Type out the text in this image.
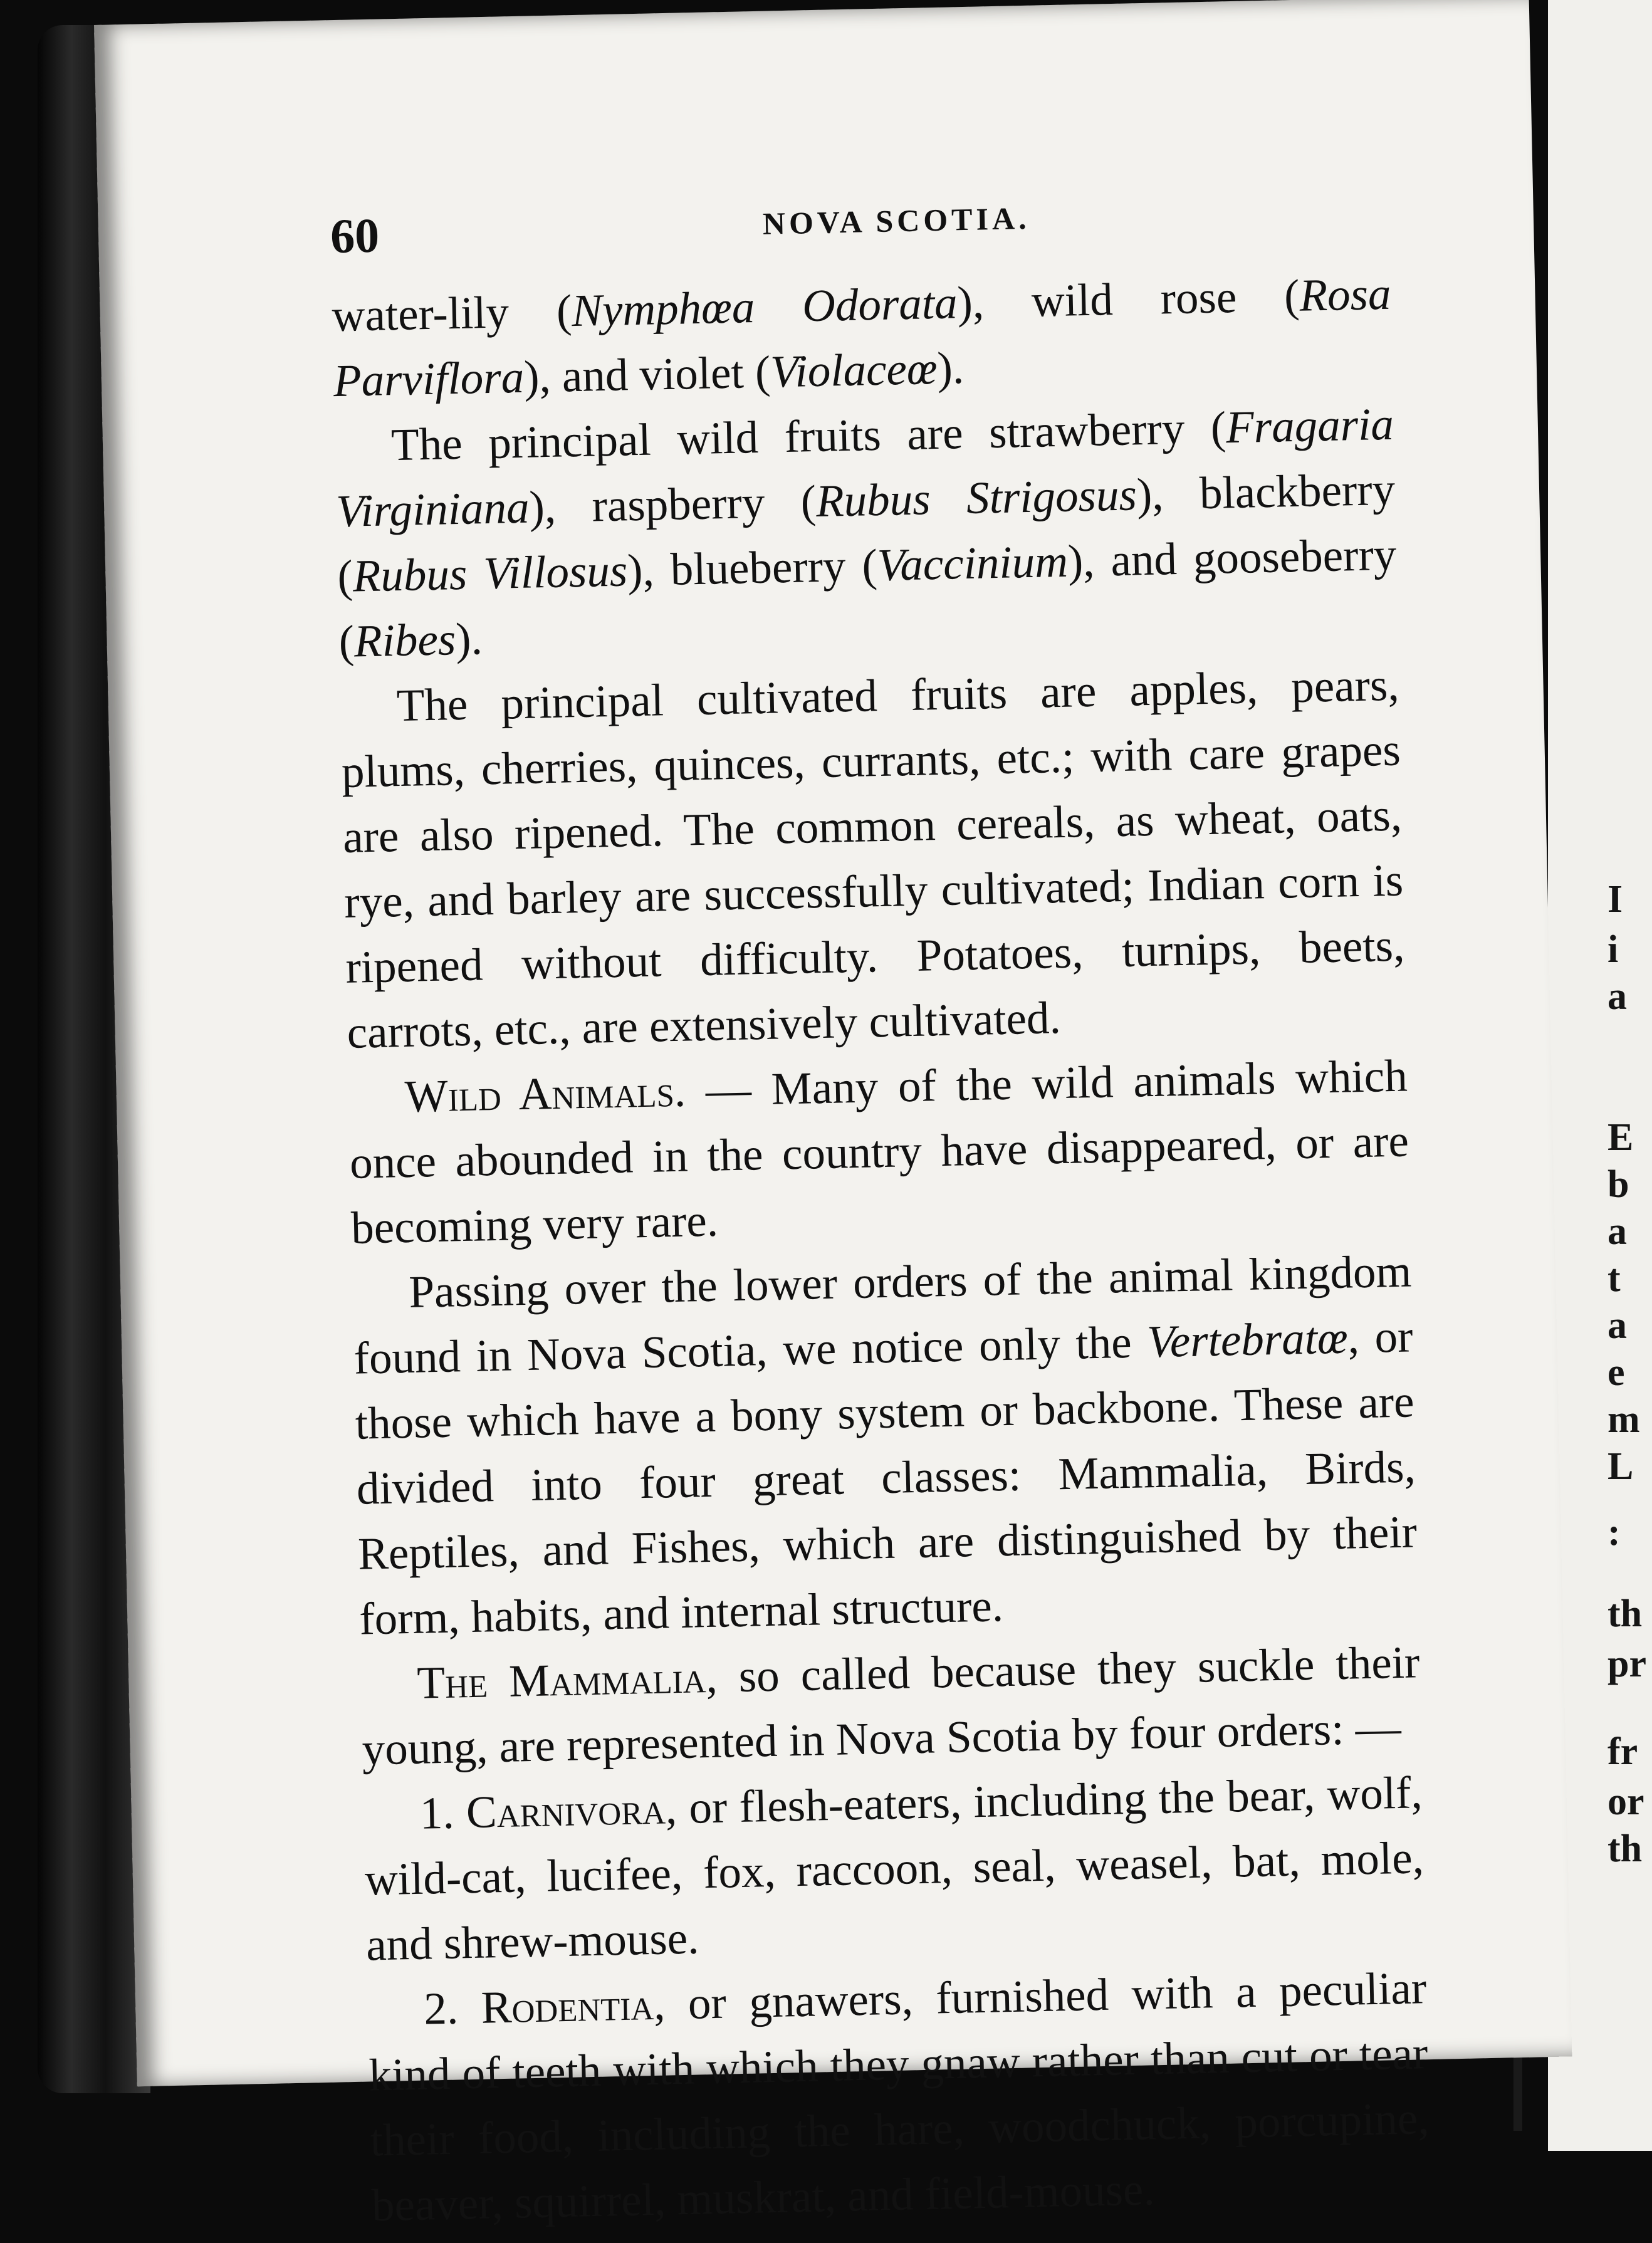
I
i
a
E
b
a
t
a
e
m
L
:
th
pr
fr
or
th
60	NOVA SCOTIA.

water-lily (Nymphœa Odorata), wild rose (Rosa Parviflora), and violet (Violaceœ).

The principal wild fruits are strawberry (Fragaria Virginiana), raspberry (Rubus Strigosus), blackberry (Rubus Villosus), blueberry (Vaccinium), and gooseberry (Ribes).

The principal cultivated fruits are apples, pears, plums, cherries, quinces, currants, etc.; with care grapes are also ripened. The common cereals, as wheat, oats, rye, and barley are successfully cultivated; Indian corn is ripened without difficulty. Potatoes, turnips, beets, carrots, etc., are extensively cultivated.

Wild Animals. — Many of the wild animals which once abounded in the country have disappeared, or are becoming very rare.

Passing over the lower orders of the animal kingdom found in Nova Scotia, we notice only the Vertebratœ, or those which have a bony system or backbone. These are divided into four great classes: Mammalia, Birds, Reptiles, and Fishes, which are distinguished by their form, habits, and internal structure.

The Mammalia, so called because they suckle their young, are represented in Nova Scotia by four orders: —

1. Carnivora, or flesh-eaters, including the bear, wolf, wild-cat, lucifee, fox, raccoon, seal, weasel, bat, mole, and shrew-mouse.

2. Rodentia, or gnawers, furnished with a peculiar kind of teeth with which they gnaw rather than cut or tear their food, including the hare, woodchuck, porcupine, beaver, squirrel, muskrat, and field-mouse.
